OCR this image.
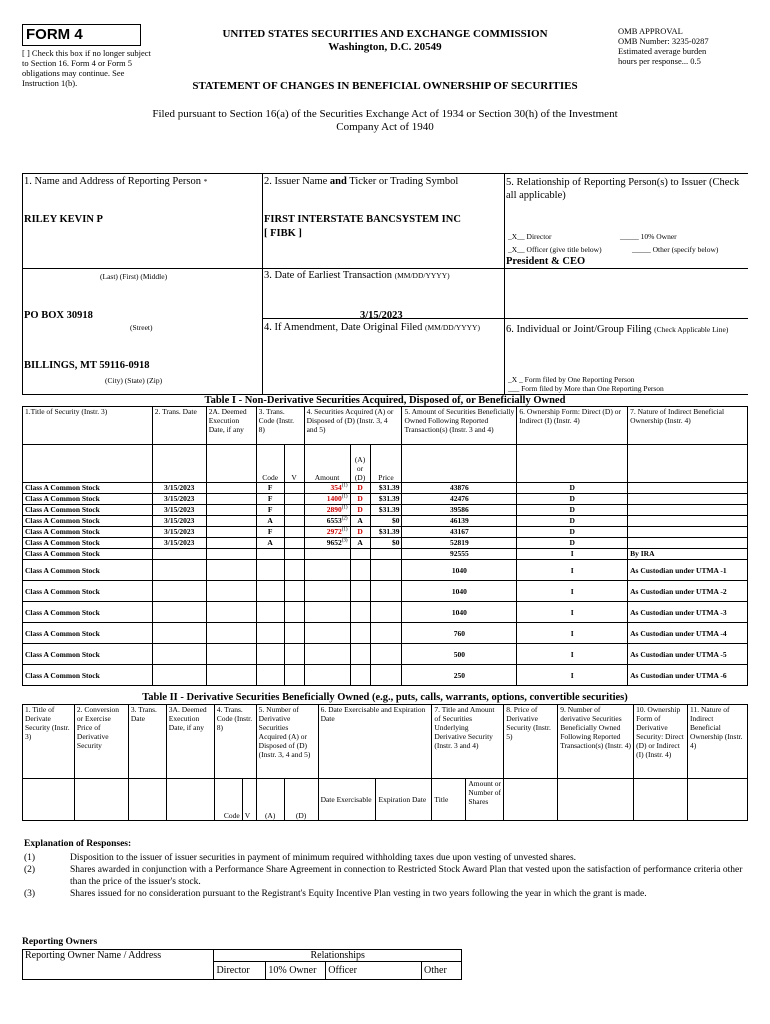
FORM 4
[ ] Check this box if no longer subject to Section 16. Form 4 or Form 5 obligations may continue. See Instruction 1(b).
UNITED STATES SECURITIES AND EXCHANGE COMMISSION
Washington, D.C. 20549
STATEMENT OF CHANGES IN BENEFICIAL OWNERSHIP OF SECURITIES
OMB APPROVAL
OMB Number: 3235-0287
Estimated average burden
hours per response... 0.5
Filed pursuant to Section 16(a) of the Securities Exchange Act of 1934 or Section 30(h) of the Investment Company Act of 1940
1. Name and Address of Reporting Person *
RILEY KEVIN P
(Last) (First) (Middle)
PO BOX 30918
(Street)
BILLINGS, MT 59116-0918
(City) (State) (Zip)
2. Issuer Name and Ticker or Trading Symbol
FIRST INTERSTATE BANCSYSTEM INC
[ FIBK ]
3. Date of Earliest Transaction (MM/DD/YYYY)
3/15/2023
4. If Amendment, Date Original Filed (MM/DD/YYYY)
5. Relationship of Reporting Person(s) to Issuer (Check all applicable)
_X__ Director	_____ 10% Owner
_X__ Officer (give title below)	_____ Other (specify below)
President & CEO
6. Individual or Joint/Group Filing (Check Applicable Line)
_X _ Form filed by One Reporting Person
___ Form filed by More than One Reporting Person
Table I - Non-Derivative Securities Acquired, Disposed of, or Beneficially Owned
1.Title of Security (Instr. 3)	2. Trans. Date	2A. Deemed Execution Date, if any	3. Trans. Code (Instr. 8)		4. Securities Acquired (A) or Disposed of (D) (Instr. 3, 4 and 5)			5. Amount of Securities Beneficially Owned Following Reported Transaction(s) (Instr. 3 and 4)	6. Ownership Form: Direct (D) or Indirect (I) (Instr. 4)	7. Nature of Indirect Beneficial Ownership (Instr. 4)
			Code	V	Amount	(A) or (D)	Price			
Class A Common Stock	3/15/2023		F		354$^{(1)}$	D	$31.39	43876	D	
Class A Common Stock	3/15/2023		F		1400$^{(1)}$	D	$31.39	42476	D	
Class A Common Stock	3/15/2023		F		2890$^{(1)}$	D	$31.39	39586	D	
Class A Common Stock	3/15/2023		A		6553$^{(2)}$	A	$0	46139	D	
Class A Common Stock	3/15/2023		F		2972$^{(1)}$	D	$31.39	43167	D	
Class A Common Stock	3/15/2023		A		9652$^{(3)}$	A	$0	52819	D	
Class A Common Stock								92555	I	By IRA
Class A Common Stock								1040	I	As Custodian under UTMA -1
Class A Common Stock								1040	I	As Custodian under UTMA -2
Class A Common Stock								1040	I	As Custodian under UTMA -3
Class A Common Stock								760	I	As Custodian under UTMA -4
Class A Common Stock								500	I	As Custodian under UTMA -5
Class A Common Stock								250	I	As Custodian under UTMA -6
Table II - Derivative Securities Beneficially Owned (e.g., puts, calls, warrants, options, convertible securities)
1. Title of Derivate Security (Instr. 3)	2. Conversion or Exercise Price of Derivative Security	3. Trans. Date	3A. Deemed Execution Date, if any	4. Trans. Code (Instr. 8)		5. Number of Derivative Securities Acquired (A) or Disposed of (D) (Instr. 3, 4 and 5)		6. Date Exercisable and Expiration Date		7. Title and Amount of Securities Underlying Derivative Security (Instr. 3 and 4)		8. Price of Derivative Security (Instr. 5)	9. Number of derivative Securities Beneficially Owned Following Reported Transaction(s) (Instr. 4)	10. Ownership Form of Derivative Security: Direct (D) or Indirect (I) (Instr. 4)	11. Nature of Indirect Beneficial Ownership (Instr. 4)
				Code	V	(A)	(D)	Date Exercisable	Expiration Date	Title	Amount or Number of Shares				
Explanation of Responses:
(1)	Disposition to the issuer of issuer securities in payment of minimum required withholding taxes due upon vesting of unvested shares.
(2)	Shares awarded in conjunction with a Performance Share Agreement in connection to Restricted Stock Award Plan that vested upon the satisfaction of performance criteria other than the price of the issuer's stock.
(3)	Shares issued for no consideration pursuant to the Registrant's Equity Incentive Plan vesting in two years following the year in which the grant is made.
Reporting Owners
Reporting Owner Name / Address	Relationships			
	Director	10% Owner	Officer	Other
